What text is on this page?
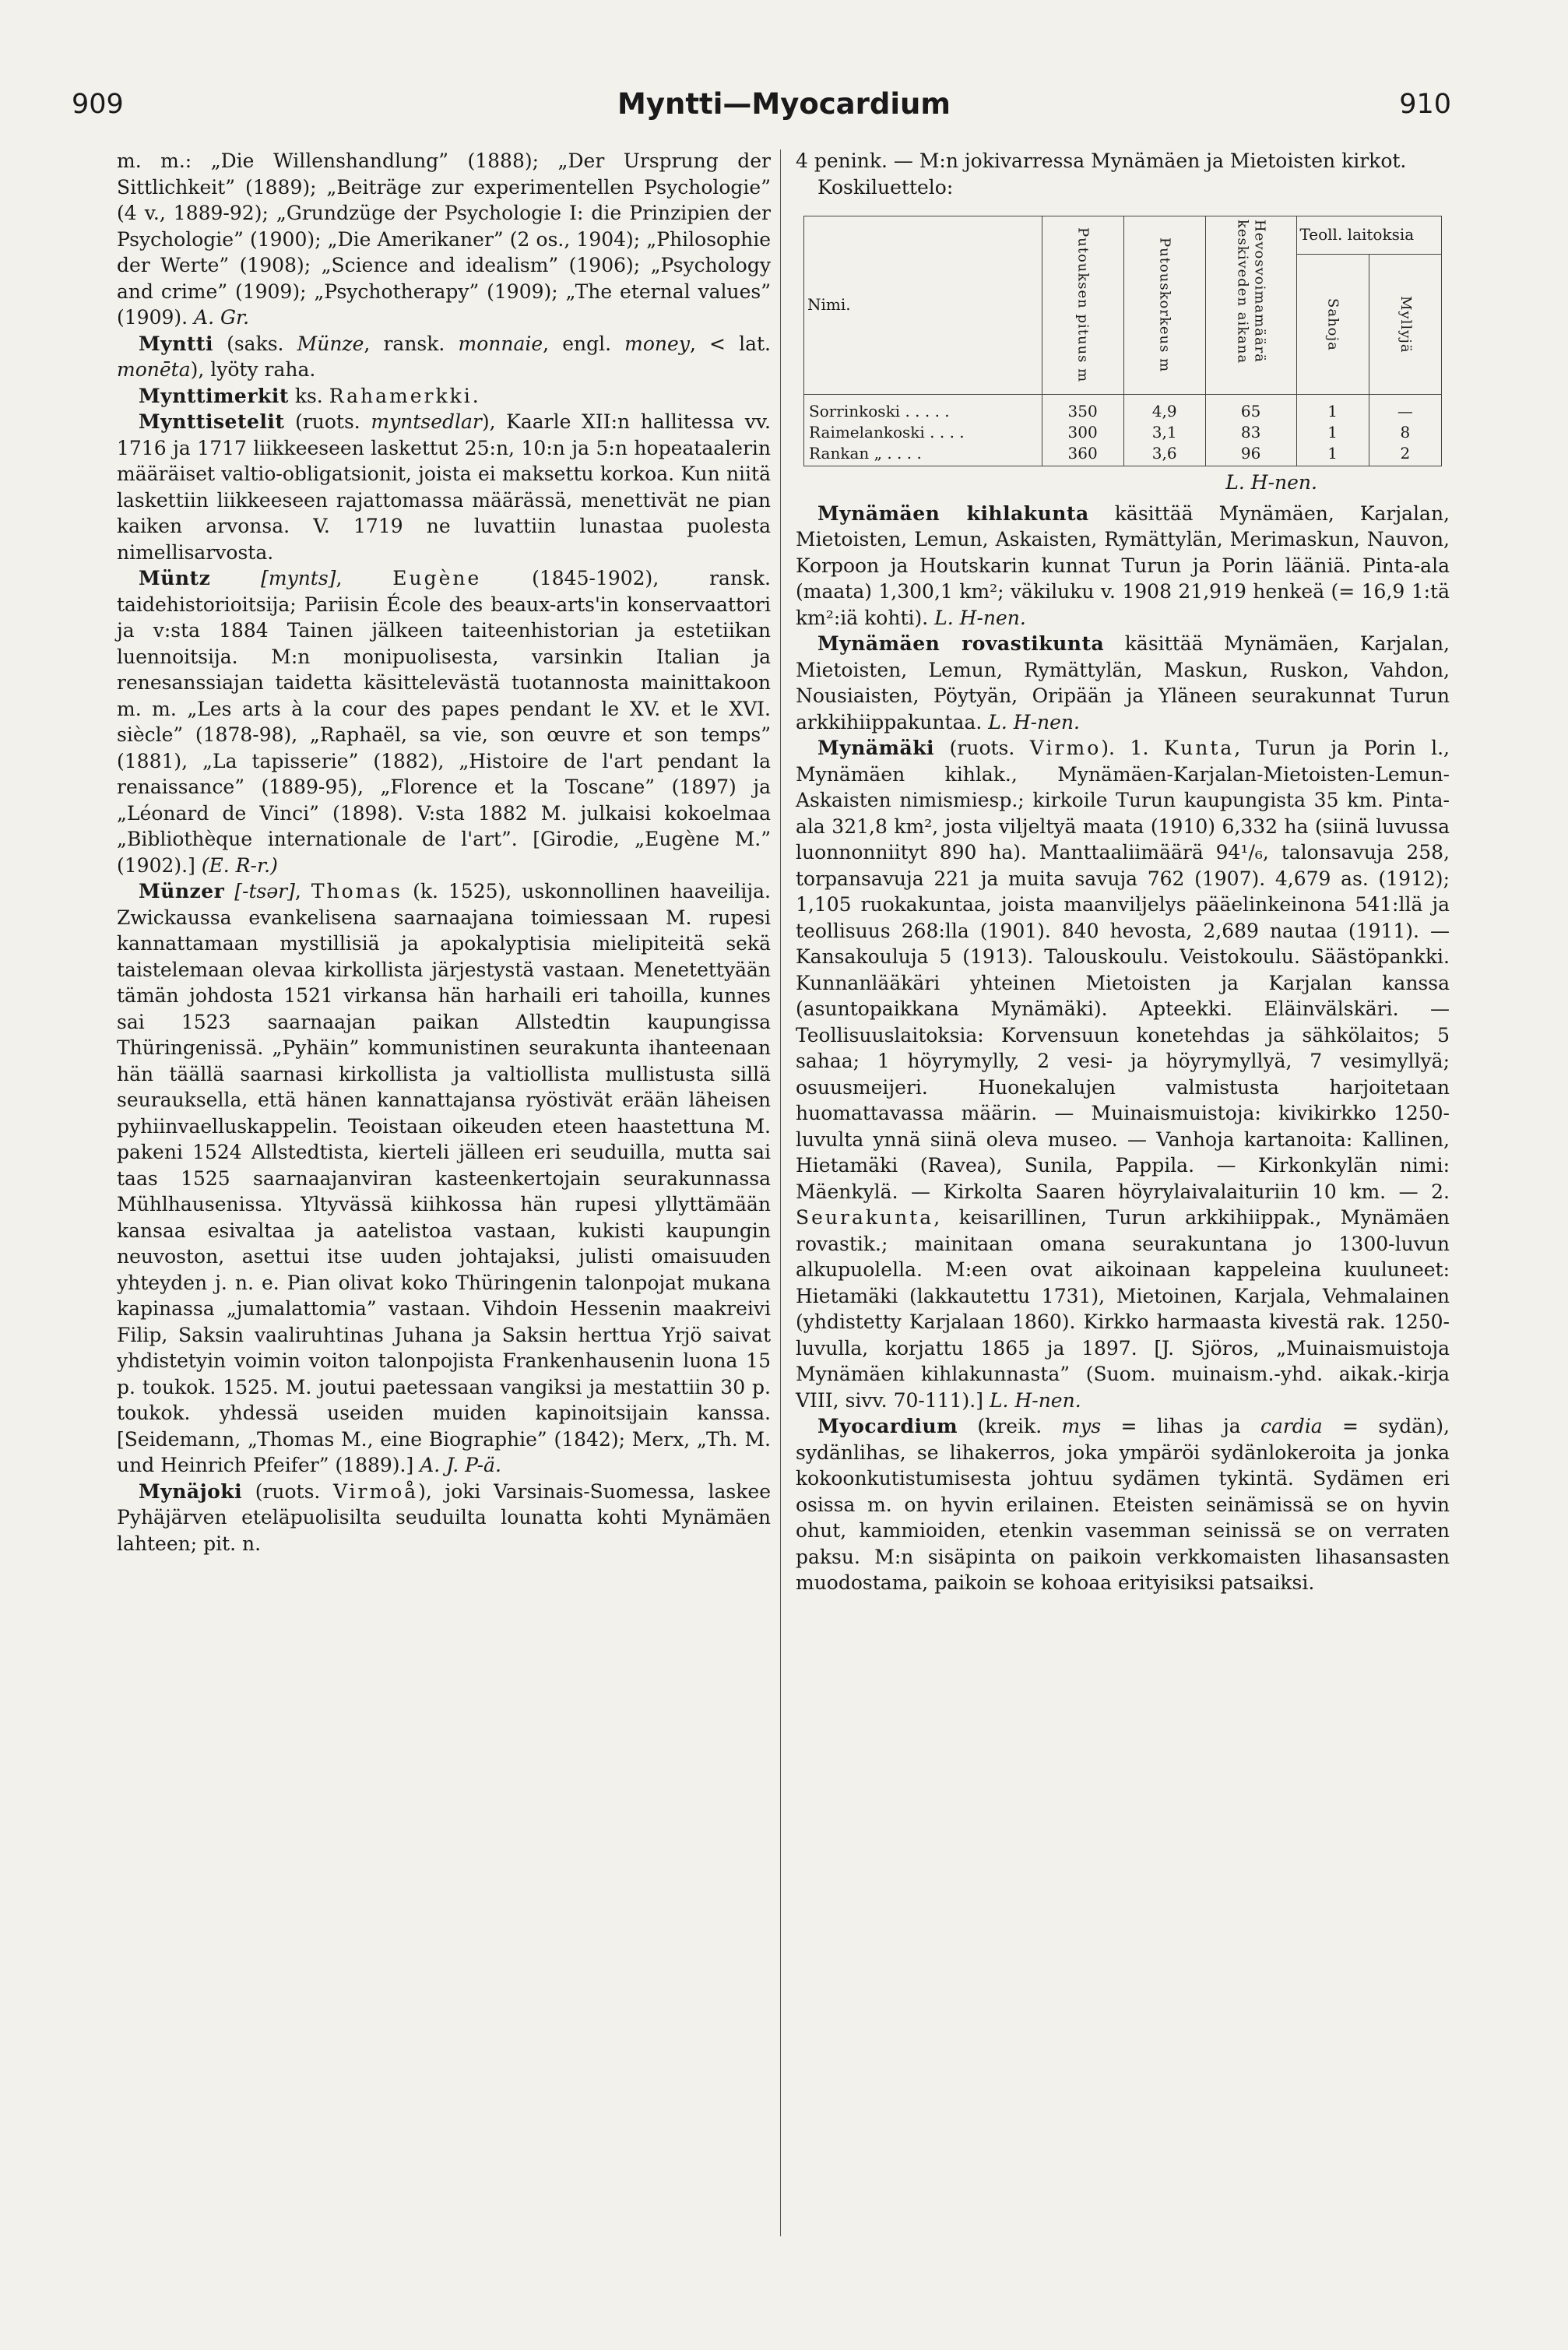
909	Myntti—Myocardium	910

m. m.: „Die Willenshandlung” (1888); „Der Ursprung der Sittlichkeit” (1889); „Beiträge zur experimentellen Psychologie” (4 v., 1889-92); „Grundzüge der Psychologie I: die Prinzipien der Psychologie” (1900); „Die Amerikaner” (2 os., 1904); „Philosophie der Werte” (1908); „Science and idealism” (1906); „Psychology and crime” (1909); „Psychotherapy” (1909); „The eternal values” (1909). A. Gr.

Myntti (saks. Münze, ransk. monnaie, engl. money, < lat. monēta), lyöty raha.

Mynttimerkit ks. Rahamerkki.

Mynttisetelit (ruots. myntsedlar), Kaarle XII:n hallitessa vv. 1716 ja 1717 liikkeeseen laskettut 25:n, 10:n ja 5:n hopeataalerin määräiset valtio-obligatsionit, joista ei maksettu korkoa. Kun niitä laskettiin liikkeeseen rajattomassa määrässä, menettivät ne pian kaiken arvonsa. V. 1719 ne luvattiin lunastaa puolesta nimellisarvosta.

Müntz	[mynts], Eugène (1845-1902), ransk. taidehistorioitsija; Pariisin École des beaux-arts'in konservaattori ja v:sta 1884 Tainen jälkeen taiteenhistorian ja estetiikan luennoitsija. M:n monipuolisesta, varsinkin Italian ja renesanssiajan taidetta käsittelevästä tuotannosta mainittakoon m. m. „Les arts à la cour des papes pendant le XV. et le XVI. siècle” (1878-98), „Raphaël, sa vie, son œuvre et son temps” (1881), „La tapisserie” (1882), „Histoire de l'art pendant la renaissance” (1889-95), „Florence et la Toscane” (1897) ja „Léonard de Vinci” (1898). V:sta 1882 M. julkaisi kokoelmaa „Bibliothèque internationale de l'art”. [Girodie, „Eugène M.” (1902).] (E. R-r.)

Münzer [-tsər], Thomas (k. 1525), uskonnollinen haaveilija. Zwickaussa evankelisena saarnaajana toimiessaan M. rupesi kannattamaan mystillisiä ja apokalyptisia mielipiteitä sekä taistelemaan olevaa kirkollista järjestystä vastaan. Menetettyään tämän johdosta 1521 virkansa hän harhaili eri tahoilla, kunnes sai 1523 saarnaajan paikan Allstedtin kaupungissa Thüringenissä. „Pyhäin” kommunistinen seurakunta ihanteenaan hän täällä saarnasi kirkollista ja valtiollista mullistusta sillä seurauksella, että hänen kannattajansa ryöstivät erään läheisen pyhiinvaelluskappelin. Teoistaan oikeuden eteen haastettuna M. pakeni 1524 Allstedtista, kierteli jälleen eri seuduilla, mutta sai taas 1525 saarnaajanviran kasteenkertojain seurakunnassa Mühlhausenissa. Yltyvässä kiihkossa hän rupesi yllyttämään kansaa esivaltaa ja aatelistoa vastaan, kukisti kaupungin neuvoston, asettui itse uuden johtajaksi, julisti omaisuuden yhteyden j. n. e. Pian olivat koko Thüringenin talonpojat mukana kapinassa „jumalattomia” vastaan. Vihdoin Hessenin maakreivi Filip, Saksin vaaliruhtinas Juhana ja Saksin herttua Yrjö saivat yhdistetyin voimin voiton talonpojista Frankenhausenin luona 15 p. toukok. 1525. M. joutui paetessaan vangiksi ja mestattiin 30 p. toukok. yhdessä useiden muiden kapinoitsijain kanssa. [Seidemann, „Thomas M., eine Biographie” (1842); Merx, „Th. M. und Heinrich Pfeifer” (1889).] A. J. P-ä.

Mynäjoki (ruots. Virmoå), joki Varsinais-Suomessa, laskee Pyhäjärven eteläpuolisilta seuduilta lounatta kohti Mynämäen lahteen; pit. n.

4 penink. — M:n jokivarressa Mynämäen ja Mietoisten kirkot.

Koskiluettelo:

Nimi.	Putouksen pituus m	Putouskorkeus m	Hevosvoimamäärä keskiveden aikana	Teoll. laitoksia	

				Sahoja	Myllyjä

Sorrinkoski . . . . .	350	4,9	65	1	—
Raimelankoski . . . .	300	3,1	83	1	8
Rankan „ . . . .	360	3,6	96	1	2

L. H-nen.

Mynämäen kihlakunta käsittää Mynämäen, Karjalan, Mietoisten, Lemun, Askaisten, Rymättylän, Merimaskun, Nauvon, Korpoon ja Houtskarin kunnat Turun ja Porin lääniä. Pinta-ala (maata) 1,300,1 km²; väkiluku v. 1908 21,919 henkeä (= 16,9 1:tä km²:iä kohti). L. H-nen.

Mynämäen rovastikunta käsittää Mynämäen, Karjalan, Mietoisten, Lemun, Rymättylän, Maskun, Ruskon, Vahdon, Nousiaisten, Pöytyän, Oripään ja Yläneen seurakunnat Turun arkkihiippakuntaa. L. H-nen.

Mynämäki (ruots. Virmo). 1. Kunta, Turun ja Porin l., Mynämäen kihlak., Mynämäen-Karjalan-Mietoisten-Lemun-Askaisten nimismiesp.; kirkoile Turun kaupungista 35 km. Pinta-ala 321,8 km², josta viljeltyä maata (1910) 6,332 ha (siinä luvussa luonnonniityt 890 ha). Manttaaliimäärä 94¹/₆, talonsavuja 258, torpansavuja 221 ja muita savuja 762 (1907). 4,679 as. (1912); 1,105 ruokakuntaa, joista maanviljelys pääelinkeinona 541:llä ja teollisuus 268:lla (1901). 840 hevosta, 2,689 nautaa (1911). — Kansakouluja 5 (1913). Talouskoulu. Veistokoulu. Säästöpankki. Kunnanlääkäri yhteinen Mietoisten ja Karjalan kanssa (asuntopaikkana Mynämäki). Apteekki. Eläinvälskäri. — Teollisuuslaitoksia: Korvensuun konetehdas ja sähkölaitos; 5 sahaa; 1 höyrymylly, 2 vesi- ja höyrymyllyä, 7 vesimyllyä; osuusmeijeri. Huonekalujen valmistusta harjoitetaan huomattavassa määrin. — Muinaismuistoja: kivikirkko 1250-luvulta ynnä siinä oleva museo. — Vanhoja kartanoita: Kallinen, Hietamäki (Ravea), Sunila, Pappila. — Kirkonkylän nimi: Mäenkylä. — Kirkolta Saaren höyrylaivalaituriin 10 km. — 2. Seurakunta, keisarillinen, Turun arkkihiippak., Mynämäen rovastik.; mainitaan omana seurakuntana jo 1300-luvun alkupuolella. M:een ovat aikoinaan kappeleina kuuluneet: Hietamäki (lakkautettu 1731), Mietoinen, Karjala, Vehmalainen (yhdistetty Karjalaan 1860). Kirkko harmaasta kivestä rak. 1250-luvulla, korjattu 1865 ja 1897. [J. Sjöros, „Muinaismuistoja Mynämäen kihlakunnasta” (Suom. muinaism.-yhd. aikak.-kirja VIII, sivv. 70-111).] L. H-nen.

Myocardium (kreik. mys = lihas ja cardia = sydän), sydänlihas, se lihakerros, joka ympäröi sydänlokeroita ja jonka kokoonkutistumisesta johtuu sydämen tykintä. Sydämen eri osissa m. on hyvin erilainen. Eteisten seinämissä se on hyvin ohut, kammioiden, etenkin vasemman seinissä se on verraten paksu. M:n sisäpinta on paikoin verkkomaisten lihasansasten muodostama, paikoin se kohoaa erityisiksi patsaiksi.
